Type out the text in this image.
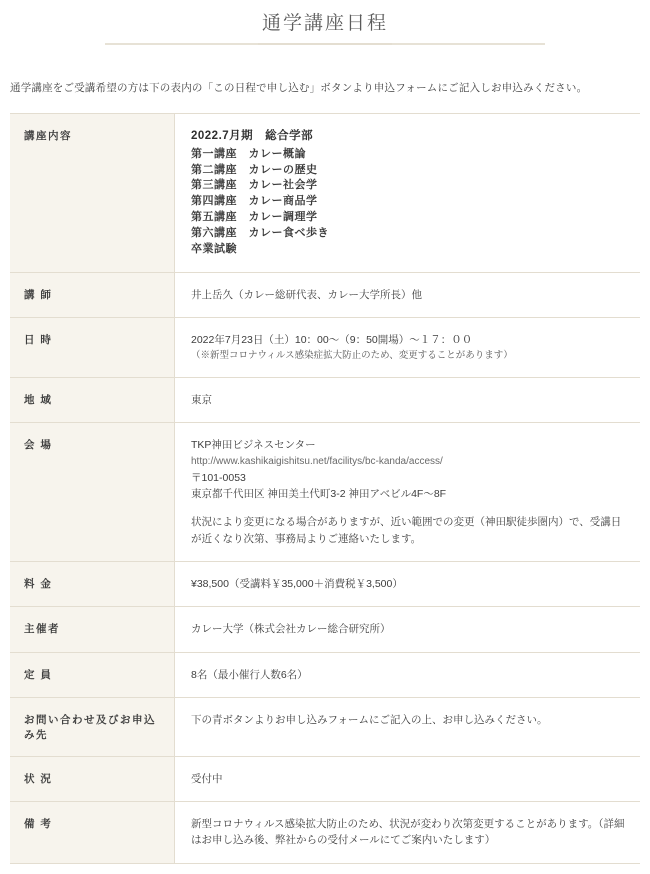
通学講座日程

通学講座をご受講希望の方は下の表内の「この日程で申し込む」ボタンより申込フォームにご記入しお申込みください。

講座内容	2022.7月期　総合学部
第一講座　カレー概論
第二講座　カレーの歴史
第三講座　カレー社会学
第四講座　カレー商品学
第五講座　カレー調理学
第六講座　カレー食べ歩き
卒業試験

講 師	井上岳久（カレー総研代表、カレー大学所長）他
日 時	2022年7月23日（土）10：00～（9：50開場）～１７：００
（※新型コロナウィルス感染症拡大防止のため、変更することがあります）

地 域	東京
会 場	TKP神田ビジネスセンター
http://www.kashikaigishitsu.net/facilitys/bc-kanda/access/
〒101-0053
東京都千代田区 神田美土代町3-2 神田アベビル4F～8F
状況により変更になる場合がありますが、近い範囲での変更（神田駅徒歩圏内）で、受講日が近くなり次第、事務局よりご連絡いたします。

料 金	¥38,500（受講料￥35,000＋消費税￥3,500）
主催者	カレー大学（株式会社カレー総合研究所）
定 員	8名（最小催行人数6名）
お問い合わせ及びお申込み先	下の青ボタンよりお申し込みフォームにご記入の上、お申し込みください。
状 況	受付中
備 考	新型コロナウィルス感染拡大防止のため、状況が変わり次第変更することがあります。（詳細はお申し込み後、弊社からの受付メールにてご案内いたします）
